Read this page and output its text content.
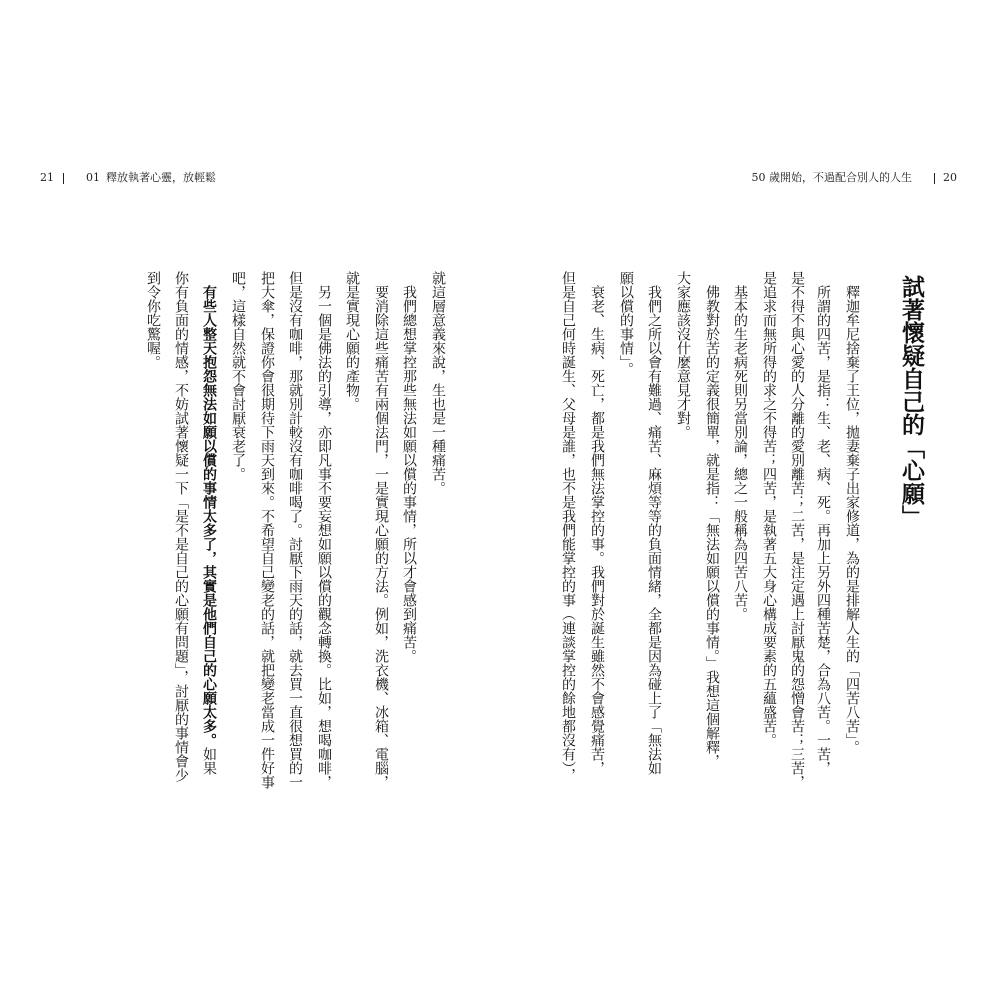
21	01 釋放執著心靈，放輕鬆	50 歲開始，不過配合別人的人生	20
試著懷疑自己的「心願」
釋迦牟尼捨棄了王位，拋妻棄子出家修道，為的是排解人生的「四苦八苦」。
所謂的四苦，是指：生、老、病、死。再加上另外四種苦楚，合為八苦。一苦，
是不得不與心愛的人分離的愛別離苦；二苦，是注定遇上討厭鬼的怨憎會苦；三苦，
是追求而無所得的求之不得苦；四苦，是執著五大身心構成要素的五蘊盛苦。
基本的生老病死則另當別論，總之一般稱為四苦八苦。
佛教對於苦的定義很簡單，就是指：「無法如願以償的事情。」我想這個解釋，
大家應該沒什麼意見才對。
我們之所以會有難過、痛苦、麻煩等等的負面情緒，全都是因為碰上了「無法如
願以償的事情」。
衰老、生病、死亡，都是我們無法掌控的事。我們對於誕生雖然不會感覺痛苦，
但是自己何時誕生、父母是誰，也不是我們能掌控的事（連談掌控的餘地都沒有），
就這層意義來說，生也是一種痛苦。
我們總想掌控那些無法如願以償的事情，所以才會感到痛苦。
要消除這些痛苦有兩個法門，一是實現心願的方法。例如，洗衣機、冰箱、電腦，
就是實現心願的產物。
另一個是佛法的引導，亦即凡事不要妄想如願以償的觀念轉換。比如，想喝咖啡，
但是沒有咖啡，那就別計較沒有咖啡喝了。討厭下雨天的話，就去買一直很想買的一
把大傘，保證你會很期待下雨天到來。不希望自己變老的話，就把變老當成一件好事
吧，這樣自然就不會討厭衰老了。
有些人整天抱怨無法如願以償的事情太多了，其實是他們自己的心願太多。如果
你有負面的情感，不妨試著懷疑一下「是不是自己的心願有問題」，討厭的事情會少
到令你吃驚喔。
